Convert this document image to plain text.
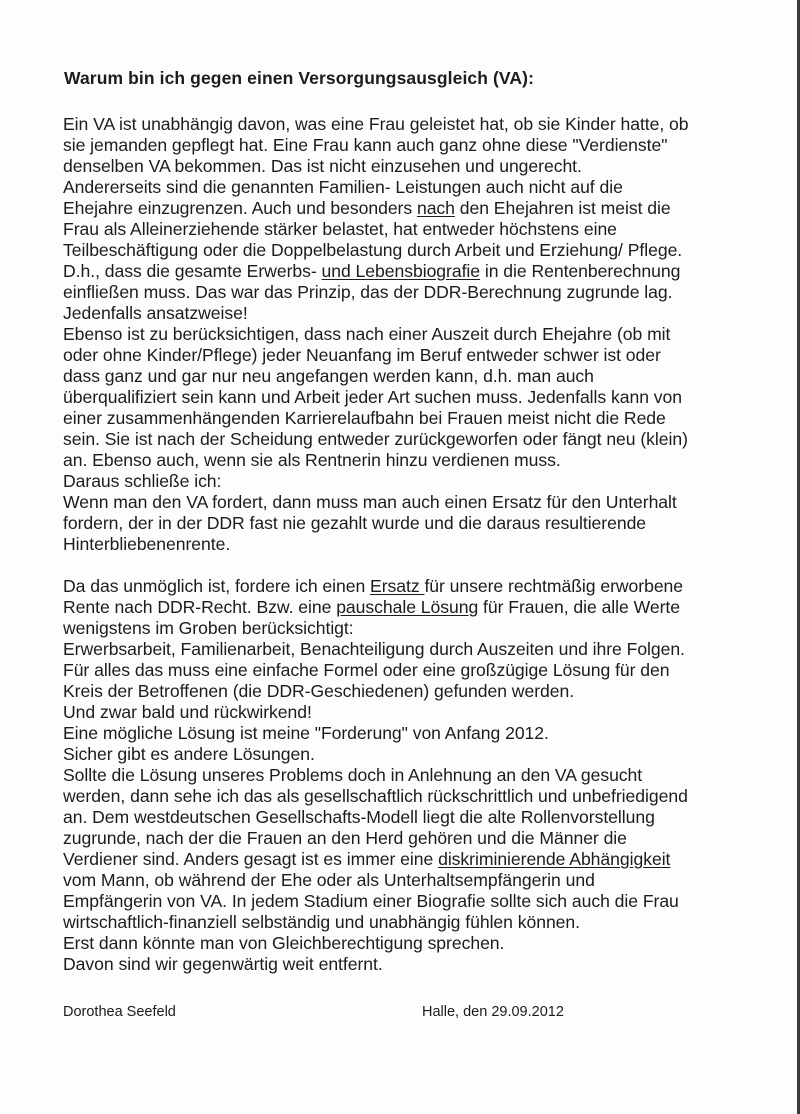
Warum bin ich gegen einen Versorgungsausgleich (VA):
Ein VA ist unabhängig davon, was eine Frau geleistet hat, ob sie Kinder hatte, ob
sie jemanden gepflegt hat. Eine Frau kann auch ganz ohne diese "Verdienste"
denselben VA bekommen. Das ist nicht einzusehen und ungerecht.
Andererseits sind die genannten Familien- Leistungen auch nicht auf die
Ehejahre einzugrenzen. Auch und besonders nach den Ehejahren ist meist die
Frau als Alleinerziehende stärker belastet, hat entweder höchstens eine
Teilbeschäftigung oder die Doppelbelastung durch Arbeit und Erziehung/ Pflege.
D.h., dass die gesamte Erwerbs- und Lebensbiografie in die Rentenberechnung
einfließen muss. Das war das Prinzip, das der DDR-Berechnung zugrunde lag.
Jedenfalls ansatzweise!
Ebenso ist zu berücksichtigen, dass nach einer Auszeit durch Ehejahre (ob mit
oder ohne Kinder/Pflege) jeder Neuanfang im Beruf entweder schwer ist oder
dass ganz und gar nur neu angefangen werden kann, d.h. man auch
überqualifiziert sein kann und Arbeit jeder Art suchen muss. Jedenfalls kann von
einer zusammenhängenden Karrierelaufbahn bei Frauen meist nicht die Rede
sein. Sie ist nach der Scheidung entweder zurückgeworfen oder fängt neu (klein)
an. Ebenso auch, wenn sie als Rentnerin hinzu verdienen muss.
Daraus schließe ich:
Wenn man den VA fordert, dann muss man auch einen Ersatz für den Unterhalt
fordern, der in der DDR fast nie gezahlt wurde und die daraus resultierende
Hinterbliebenenrente.
Da das unmöglich ist, fordere ich einen Ersatz für unsere rechtmäßig erworbene
Rente nach DDR-Recht. Bzw. eine pauschale Lösung für Frauen, die alle Werte
wenigstens im Groben berücksichtigt:
Erwerbsarbeit, Familienarbeit, Benachteiligung durch Auszeiten und ihre Folgen.
Für alles das muss eine einfache Formel oder eine großzügige Lösung für den
Kreis der Betroffenen (die DDR-Geschiedenen) gefunden werden.
Und zwar bald und rückwirkend!
Eine mögliche Lösung ist meine "Forderung" von Anfang 2012.
Sicher gibt es andere Lösungen.
Sollte die Lösung unseres Problems doch in Anlehnung an den VA gesucht
werden, dann sehe ich das als gesellschaftlich rückschrittlich und unbefriedigend
an. Dem westdeutschen Gesellschafts-Modell liegt die alte Rollenvorstellung
zugrunde, nach der die Frauen an den Herd gehören und die Männer die
Verdiener sind. Anders gesagt ist es immer eine diskriminierende Abhängigkeit
vom Mann, ob während der Ehe oder als Unterhaltsempfängerin und
Empfängerin von VA. In jedem Stadium einer Biografie sollte sich auch die Frau
wirtschaftlich-finanziell selbständig und unabhängig fühlen können.
Erst dann könnte man von Gleichberechtigung sprechen.
Davon sind wir gegenwärtig weit entfernt.
Dorothea Seefeld	Halle, den 29.09.2012
